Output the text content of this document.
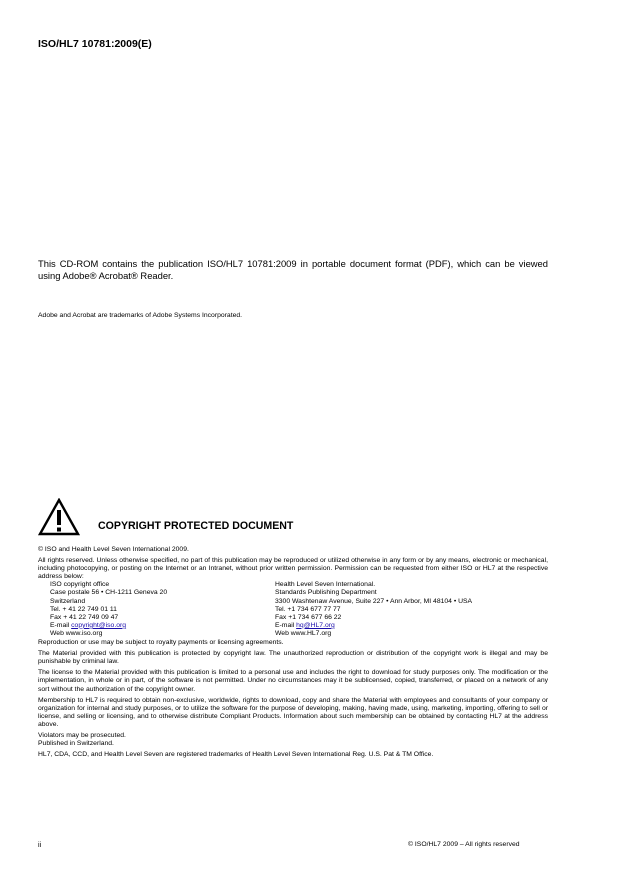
ISO/HL7 10781:2009(E)
This CD-ROM contains the publication ISO/HL7 10781:2009 in portable document format (PDF), which can be viewed using Adobe® Acrobat® Reader.
Adobe and Acrobat are trademarks of Adobe Systems Incorporated.
COPYRIGHT PROTECTED DOCUMENT

© ISO and Health Level Seven International 2009.

All rights reserved. Unless otherwise specified, no part of this publication may be reproduced or utilized otherwise in any form or by any means, electronic or mechanical, including photocopying, or posting on the Internet or an Intranet, without prior written permission. Permission can be requested from either ISO or HL7 at the respective address below:

ISO copyright office
Case postale 56 • CH-1211 Geneva 20
Switzerland
Tel. + 41 22 749 01 11
Fax + 41 22 749 09 47
E-mail copyright@iso.org
Web www.iso.org
Health Level Seven International.
Standards Publishing Department
3300 Washtenaw Avenue, Suite 227 • Ann Arbor, MI 48104 • USA
Tel. +1 734 677 77 77
Fax +1 734 677 66 22
E-mail hq@HL7.org
Web www.HL7.org

Reproduction or use may be subject to royalty payments or licensing agreements.

The Material provided with this publication is protected by copyright law. The unauthorized reproduction or distribution of the copyright work is illegal and may be punishable by criminal law.

The license to the Material provided with this publication is limited to a personal use and includes the right to download for study purposes only. The modification or the implementation, in whole or in part, of the software is not permitted. Under no circumstances may it be sublicensed, copied, transferred, or placed on a network of any sort without the authorization of the copyright owner.

Membership to HL7 is required to obtain non-exclusive, worldwide, rights to download, copy and share the Material with employees and consultants of your company or organization for internal and study purposes, or to utilize the software for the purpose of developing, making, having made, using, marketing, importing, offering to sell or license, and selling or licensing, and to otherwise distribute Compliant Products. Information about such membership can be obtained by contacting HL7 at the address above.

Violators may be prosecuted.

Published in Switzerland.

HL7, CDA, CCD, and Health Level Seven are registered trademarks of Health Level Seven International Reg. U.S. Pat & TM Office.

ii	© ISO/HL7 2009 – All rights reserved
